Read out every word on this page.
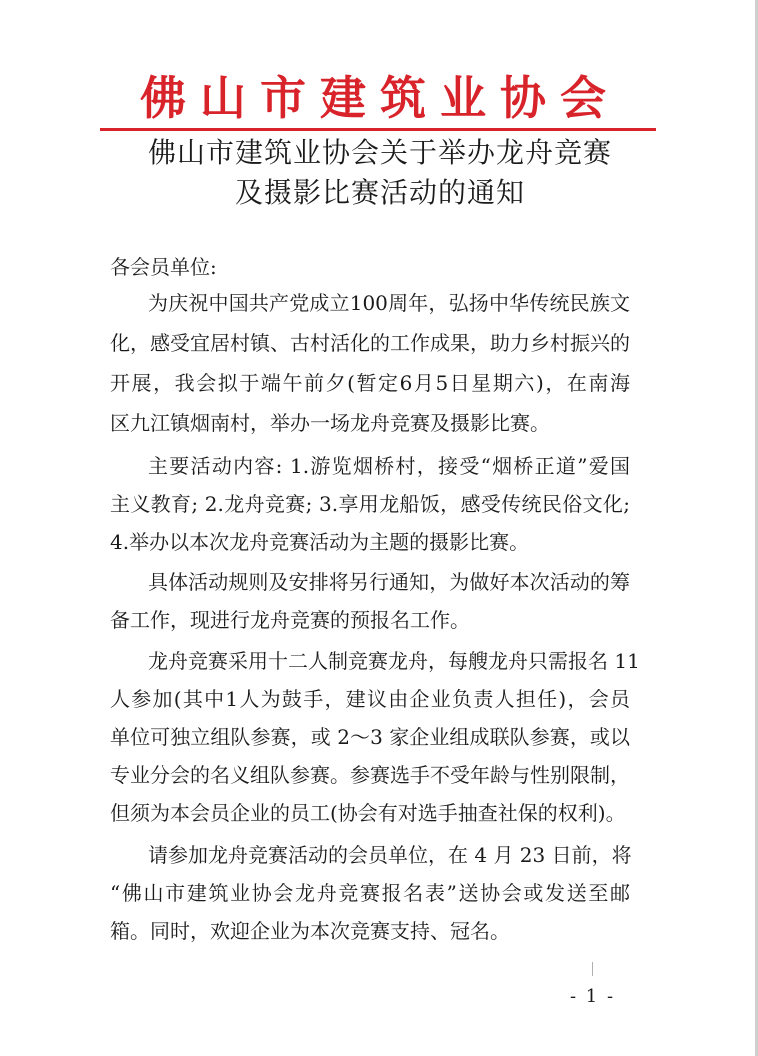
佛山市建筑业协会
佛山市建筑业协会关于举办龙舟竞赛
及摄影比赛活动的通知
各会员单位:
为庆祝中国共产党成立100周年，弘扬中华传统民族文
化，感受宜居村镇、古村活化的工作成果，助力乡村振兴的
开展，我会拟于端午前夕(暂定6月5日星期六)，在南海
区九江镇烟南村，举办一场龙舟竞赛及摄影比赛。
主要活动内容: 1.游览烟桥村，接受“烟桥正道”爱国
主义教育; 2.龙舟竞赛; 3.享用龙船饭，感受传统民俗文化;
4.举办以本次龙舟竞赛活动为主题的摄影比赛。
具体活动规则及安排将另行通知，为做好本次活动的筹
备工作，现进行龙舟竞赛的预报名工作。
龙舟竞赛采用十二人制竞赛龙舟，每艘龙舟只需报名 11
人参加(其中1人为鼓手，建议由企业负责人担任)，会员
单位可独立组队参赛，或 2～3 家企业组成联队参赛，或以
专业分会的名义组队参赛。参赛选手不受年龄与性别限制，
但须为本会员企业的员工(协会有对选手抽查社保的权利)。
请参加龙舟竞赛活动的会员单位，在 4 月 23 日前，将
“佛山市建筑业协会龙舟竞赛报名表”送协会或发送至邮
箱。同时，欢迎企业为本次竞赛支持、冠名。
- 1 -
